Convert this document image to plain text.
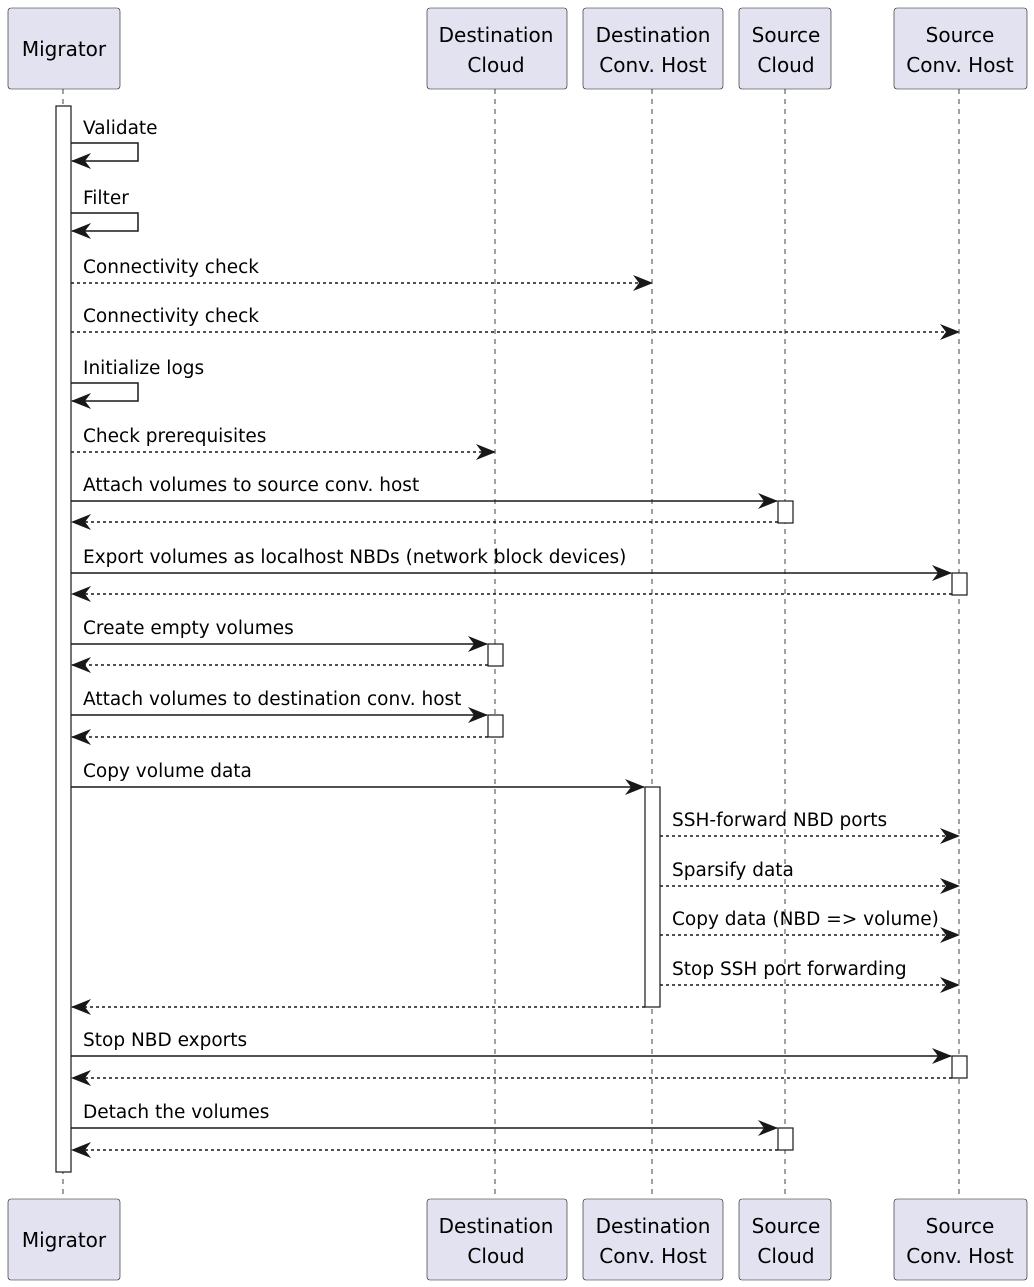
Validate
Filter
Connectivity check
Connectivity check
Initialize logs
Check prerequisites
Attach volumes to source conv. host
Export volumes as localhost NBDs (network block devices)
Create empty volumes
Attach volumes to destination conv. host
Copy volume data
SSH-forward NBD ports
Sparsify data
Copy data (NBD => volume)
Stop SSH port forwarding
Stop NBD exports
Detach the volumes
Migrator
Destination
Cloud
Destination
Conv. Host
Source
Cloud
Source
Conv. Host
Migrator
Destination
Cloud
Destination
Conv. Host
Source
Cloud
Source
Conv. Host
